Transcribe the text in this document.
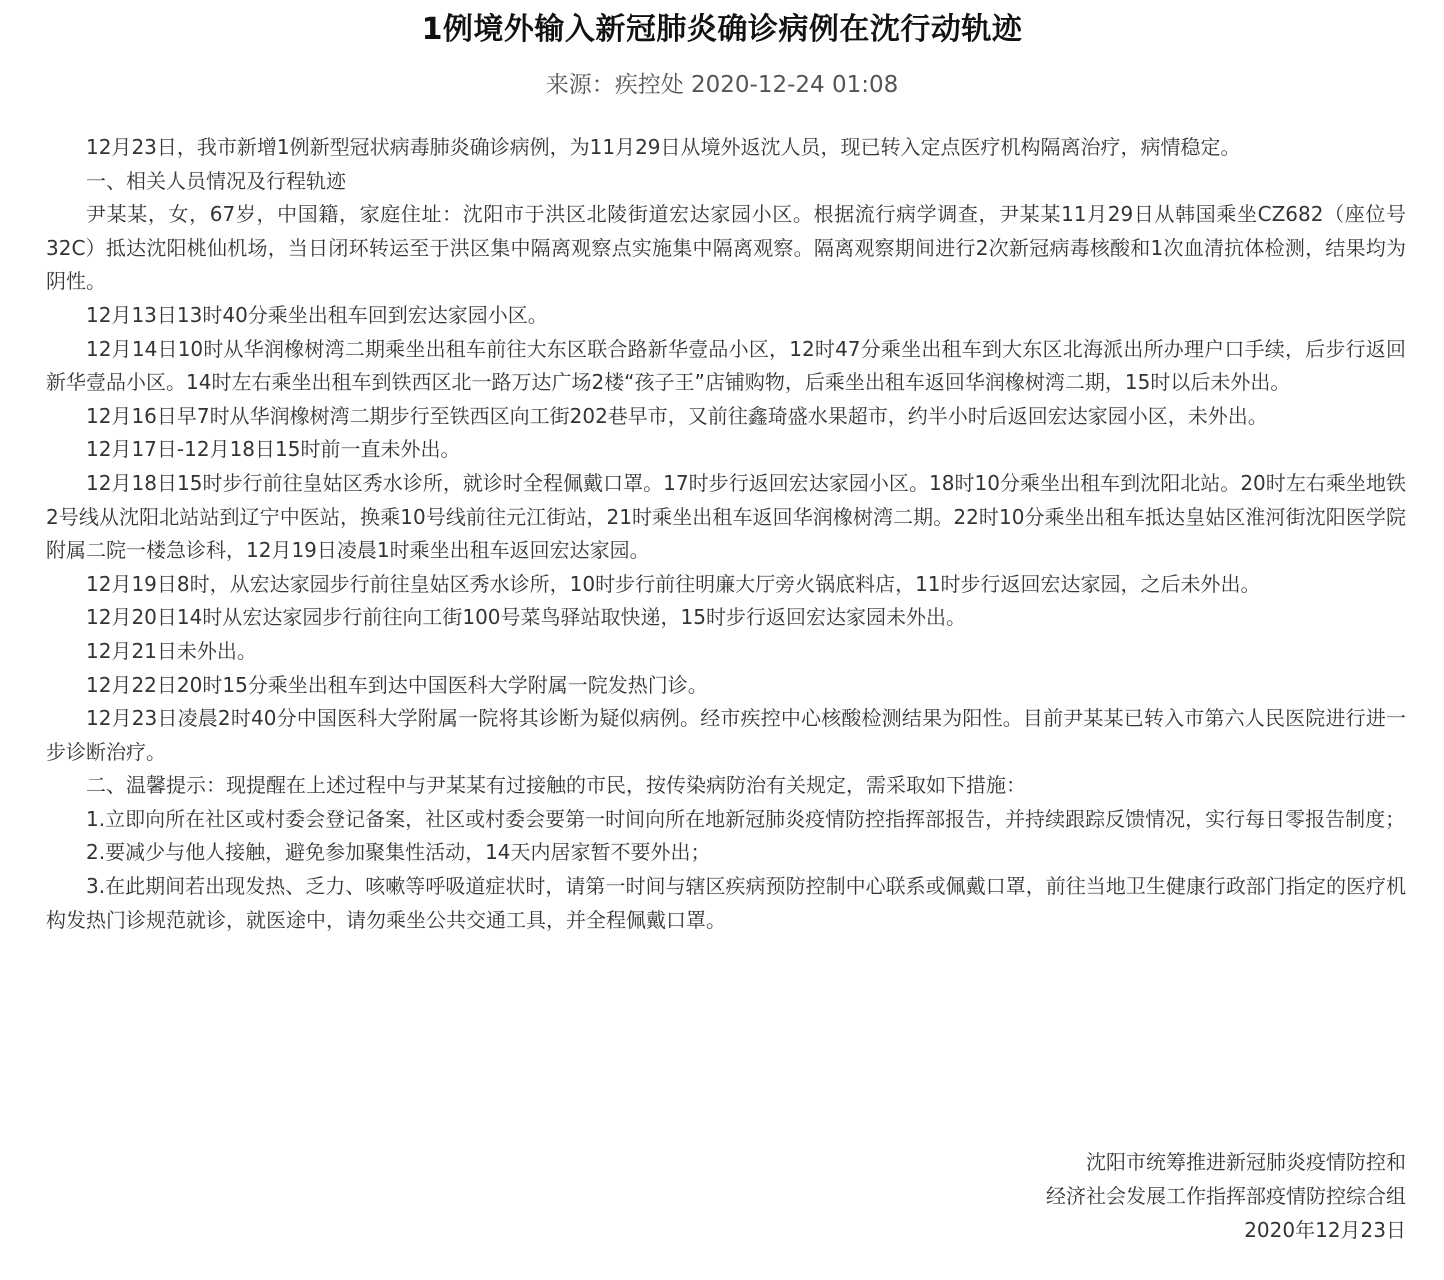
1例境外输入新冠肺炎确诊病例在沈行动轨迹
来源：疾控处 2020-12-24 01:08

12月23日，我市新增1例新型冠状病毒肺炎确诊病例，为11月29日从境外返沈人员，现已转入定点医疗机构隔离治疗，病情稳定。

一、相关人员情况及行程轨迹

尹某某，女，67岁，中国籍，家庭住址：沈阳市于洪区北陵街道宏达家园小区。根据流行病学调查，尹某某11月29日从韩国乘坐CZ682（座位号32C）抵达沈阳桃仙机场，当日闭环转运至于洪区集中隔离观察点实施集中隔离观察。隔离观察期间进行2次新冠病毒核酸和1次血清抗体检测，结果均为阴性。

12月13日13时40分乘坐出租车回到宏达家园小区。

12月14日10时从华润橡树湾二期乘坐出租车前往大东区联合路新华壹品小区，12时47分乘坐出租车到大东区北海派出所办理户口手续，后步行返回新华壹品小区。14时左右乘坐出租车到铁西区北一路万达广场2楼“孩子王”店铺购物，后乘坐出租车返回华润橡树湾二期，15时以后未外出。

12月16日早7时从华润橡树湾二期步行至铁西区向工街202巷早市，又前往鑫琦盛水果超市，约半小时后返回宏达家园小区，未外出。

12月17日-12月18日15时前一直未外出。

12月18日15时步行前往皇姑区秀水诊所，就诊时全程佩戴口罩。17时步行返回宏达家园小区。18时10分乘坐出租车到沈阳北站。20时左右乘坐地铁2号线从沈阳北站站到辽宁中医站，换乘10号线前往元江街站，21时乘坐出租车返回华润橡树湾二期。22时10分乘坐出租车抵达皇姑区淮河街沈阳医学院附属二院一楼急诊科，12月19日凌晨1时乘坐出租车返回宏达家园。

12月19日8时，从宏达家园步行前往皇姑区秀水诊所，10时步行前往明廉大厅旁火锅底料店，11时步行返回宏达家园，之后未外出。

12月20日14时从宏达家园步行前往向工街100号菜鸟驿站取快递，15时步行返回宏达家园未外出。

12月21日未外出。

12月22日20时15分乘坐出租车到达中国医科大学附属一院发热门诊。

12月23日凌晨2时40分中国医科大学附属一院将其诊断为疑似病例。经市疾控中心核酸检测结果为阳性。目前尹某某已转入市第六人民医院进行进一步诊断治疗。

二、温馨提示：现提醒在上述过程中与尹某某有过接触的市民，按传染病防治有关规定，需采取如下措施：

1.立即向所在社区或村委会登记备案，社区或村委会要第一时间向所在地新冠肺炎疫情防控指挥部报告，并持续跟踪反馈情况，实行每日零报告制度；

2.要减少与他人接触，避免参加聚集性活动，14天内居家暂不要外出；

3.在此期间若出现发热、乏力、咳嗽等呼吸道症状时，请第一时间与辖区疾病预防控制中心联系或佩戴口罩，前往当地卫生健康行政部门指定的医疗机构发热门诊规范就诊，就医途中，请勿乘坐公共交通工具，并全程佩戴口罩。

沈阳市统筹推进新冠肺炎疫情防控和
经济社会发展工作指挥部疫情防控综合组
2020年12月23日
